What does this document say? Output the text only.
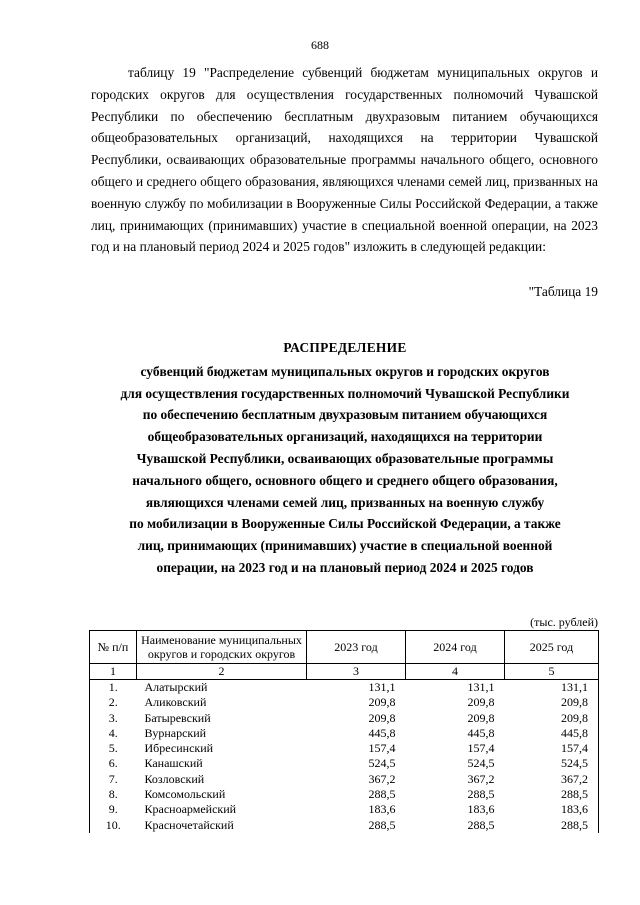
688

таблицу 19 "Распределение субвенций бюджетам муниципальных округов и городских округов для осуществления государственных полномочий Чувашской Республики по обеспечению бесплатным двухразовым питанием обучающихся общеобразовательных организаций, находящихся на территории Чувашской Республики, осваивающих образовательные программы начального общего, основного общего и среднего общего образования, являющихся членами семей лиц, призванных на военную службу по мобилизации в Вооруженные Силы Российской Федерации, а также лиц, принимающих (принимавших) участие в специальной военной операции, на 2023 год и на плановый период 2024 и 2025 годов" изложить в следующей редакции:

"Таблица 19
РАСПРЕДЕЛЕНИЕ
субвенций бюджетам муниципальных округов и городских округов
для осуществления государственных полномочий Чувашской Республики
по обеспечению бесплатным двухразовым питанием обучающихся
общеобразовательных организаций, находящихся на территории
Чувашской Республики, осваивающих образовательные программы
начального общего, основного общего и среднего общего образования,
являющихся членами семей лиц, призванных на военную службу
по мобилизации в Вооруженные Силы Российской Федерации, а также
лиц, принимающих (принимавших) участие в специальной военной
операции, на 2023 год и на плановый период 2024 и 2025 годов
(тыс. рублей)
№ п/п	Наименование муниципальных округов и городских округов	2023 год	2024 год	2025 год
1	2	3	4	5
1.	Алатырский	131,1	131,1	131,1
2.	Аликовский	209,8	209,8	209,8
3.	Батыревский	209,8	209,8	209,8
4.	Вурнарский	445,8	445,8	445,8
5.	Ибресинский	157,4	157,4	157,4
6.	Канашский	524,5	524,5	524,5
7.	Козловский	367,2	367,2	367,2
8.	Комсомольский	288,5	288,5	288,5
9.	Красноармейский	183,6	183,6	183,6
10.	Красночетайский	288,5	288,5	288,5
